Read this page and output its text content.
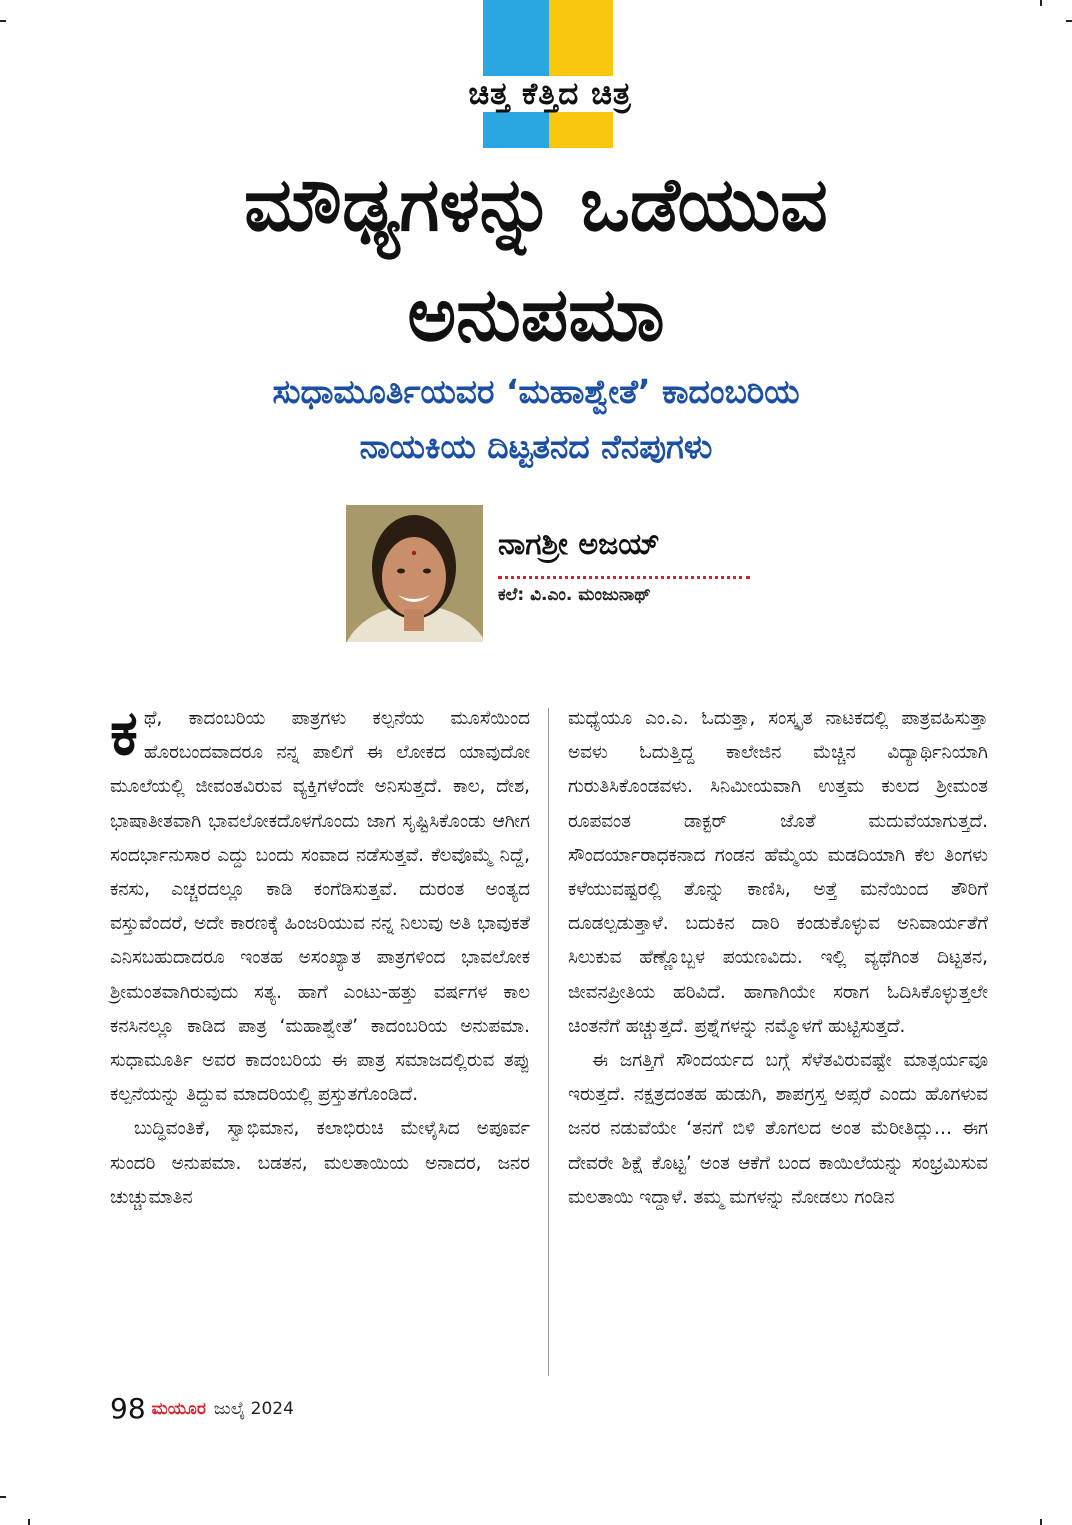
ಚಿತ್ತ ಕೆತ್ತಿದ ಚಿತ್ರ
ಮೌಢ್ಯಗಳನ್ನು ಒಡೆಯುವ
ಅನುಪಮಾ
ಸುಧಾಮೂರ್ತಿಯವರ ‘ಮಹಾಶ್ವೇತೆ’ ಕಾದಂಬರಿಯ
ನಾಯಕಿಯ ದಿಟ್ಟತನದ ನೆನಪುಗಳು
ನಾಗಶ್ರೀ ಅಜಯ್
ಕಲೆ: ವಿ.ಎಂ. ಮಂಜುನಾಥ್

ಕಥೆ, ಕಾದಂಬರಿಯ ಪಾತ್ರಗಳು ಕಲ್ಪನೆಯ ಮೂಸೆಯಿಂದ ಹೊರಬಂದವಾದರೂ ನನ್ನ ಪಾಲಿಗೆ ಈ ಲೋಕದ ಯಾವುದೋ ಮೂಲೆಯಲ್ಲಿ ಜೀವಂತವಿರುವ ವ್ಯಕ್ತಿಗಳೆಂದೇ ಅನಿಸುತ್ತದೆ. ಕಾಲ, ದೇಶ, ಭಾಷಾತೀತವಾಗಿ ಭಾವಲೋಕದೊಳಗೊಂದು ಜಾಗ ಸೃಷ್ಟಿಸಿಕೊಂಡು ಆಗೀಗ ಸಂದರ್ಭಾನುಸಾರ ಎದ್ದು ಬಂದು ಸಂವಾದ ನಡೆಸುತ್ತವೆ. ಕೆಲವೊಮ್ಮೆ ನಿದ್ದೆ, ಕನಸು, ಎಚ್ಚರದಲ್ಲೂ ಕಾಡಿ ಕಂಗೆಡಿಸುತ್ತವೆ. ದುರಂತ ಅಂತ್ಯದ ವಸ್ತುವೆಂದರೆ, ಅದೇ ಕಾರಣಕ್ಕೆ ಹಿಂಜರಿಯುವ ನನ್ನ ನಿಲುವು ಅತಿ ಭಾವುಕತೆ ಎನಿಸಬಹುದಾದರೂ ಇಂತಹ ಅಸಂಖ್ಯಾತ ಪಾತ್ರಗಳಿಂದ ಭಾವಲೋಕ ಶ್ರೀಮಂತವಾಗಿರುವುದು ಸತ್ಯ. ಹಾಗೆ ಎಂಟು-ಹತ್ತು ವರ್ಷಗಳ ಕಾಲ ಕನಸಿನಲ್ಲೂ ಕಾಡಿದ ಪಾತ್ರ ‘ಮಹಾಶ್ವೇತೆ’ ಕಾದಂಬರಿಯ ಅನುಪಮಾ. ಸುಧಾಮೂರ್ತಿ ಅವರ ಕಾದಂಬರಿಯ ಈ ಪಾತ್ರ ಸಮಾಜದಲ್ಲಿರುವ ತಪ್ಪು ಕಲ್ಪನೆಯನ್ನು ತಿದ್ದುವ ಮಾದರಿಯಲ್ಲಿ ಪ್ರಸ್ತುತಗೊಂಡಿದೆ.

ಬುದ್ಧಿವಂತಿಕೆ, ಸ್ವಾಭಿಮಾನ, ಕಲಾಭಿರುಚಿ ಮೇಳೈಸಿದ ಅಪೂರ್ವ ಸುಂದರಿ ಅನುಪಮಾ. ಬಡತನ, ಮಲತಾಯಿಯ ಅನಾದರ, ಜನರ ಚುಚ್ಚುಮಾತಿನ

ಮಧ್ಯೆಯೂ ಎಂ.ಎ. ಓದುತ್ತಾ, ಸಂಸ್ಕೃತ ನಾಟಕದಲ್ಲಿ ಪಾತ್ರವಹಿಸುತ್ತಾ ಅವಳು ಓದುತ್ತಿದ್ದ ಕಾಲೇಜಿನ ಮೆಚ್ಚಿನ ವಿದ್ಯಾರ್ಥಿನಿಯಾಗಿ ಗುರುತಿಸಿಕೊಂಡವಳು. ಸಿನಿಮೀಯವಾಗಿ ಉತ್ತಮ ಕುಲದ ಶ್ರೀಮಂತ ರೂಪವಂತ ಡಾಕ್ಟರ್ ಜೊತೆ ಮದುವೆಯಾಗುತ್ತದೆ. ಸೌಂದರ್ಯಾರಾಧಕನಾದ ಗಂಡನ ಹೆಮ್ಮೆಯ ಮಡದಿಯಾಗಿ ಕೆಲ ತಿಂಗಳು ಕಳೆಯುವಷ್ಟರಲ್ಲಿ ತೊನ್ನು ಕಾಣಿಸಿ, ಅತ್ತೆ ಮನೆಯಿಂದ ತೌರಿಗೆ ದೂಡಲ್ಪಡುತ್ತಾಳೆ. ಬದುಕಿನ ದಾರಿ ಕಂಡುಕೊಳ್ಳುವ ಅನಿವಾರ್ಯತೆಗೆ ಸಿಲುಕುವ ಹೆಣ್ಣೊಬ್ಬಳ ಪಯಣವಿದು. ಇಲ್ಲಿ ವ್ಯಥೆಗಿಂತ ದಿಟ್ಟತನ, ಜೀವನಪ್ರೀತಿಯ ಹರಿವಿದೆ. ಹಾಗಾಗಿಯೇ ಸರಾಗ ಓದಿಸಿಕೊಳ್ಳುತ್ತಲೇ ಚಿಂತನೆಗೆ ಹಚ್ಚುತ್ತದೆ. ಪ್ರಶ್ನೆಗಳನ್ನು ನಮ್ಮೊಳಗೆ ಹುಟ್ಟಿಸುತ್ತದೆ.

ಈ ಜಗತ್ತಿಗೆ ಸೌಂದರ್ಯದ ಬಗ್ಗೆ ಸೆಳೆತವಿರುವಷ್ಟೇ ಮಾತ್ಸರ್ಯವೂ ಇರುತ್ತದೆ. ನಕ್ಷತ್ರದಂತಹ ಹುಡುಗಿ, ಶಾಪಗ್ರಸ್ತ ಅಪ್ಸರೆ ಎಂದು ಹೊಗಳುವ ಜನರ ನಡುವೆಯೇ ‘ತನಗೆ ಬಿಳಿ ತೊಗಲದ ಅಂತ ಮೆರೀತಿದ್ಲು… ಈಗ ದೇವರೇ ಶಿಕ್ಷೆ ಕೊಟ್ಟ’ ಅಂತ ಆಕೆಗೆ ಬಂದ ಕಾಯಿಲೆಯನ್ನು ಸಂಭ್ರಮಿಸುವ ಮಲತಾಯಿ ಇದ್ದಾಳೆ. ತಮ್ಮ ಮಗಳನ್ನು ನೋಡಲು ಗಂಡಿನ

98 ಮಯೂರ ಜುಲೈ 2024
